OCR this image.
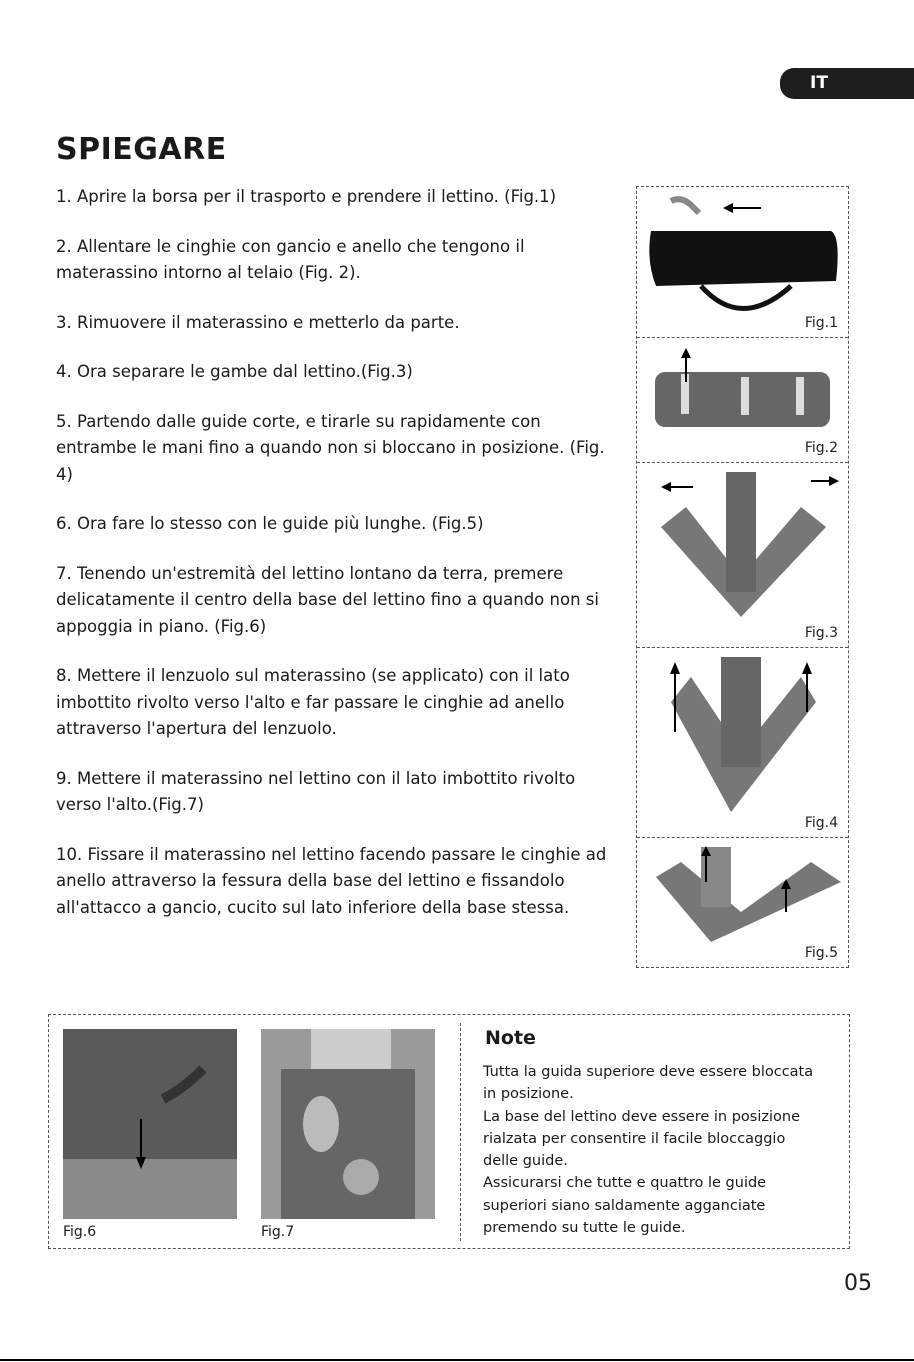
IT
SPIEGARE

1. Aprire la borsa per il trasporto e prendere il lettino. (Fig.1)

2. Allentare le cinghie con gancio e anello che tengono il materassino intorno al telaio (Fig. 2).

3. Rimuovere il materassino e metterlo da parte.

4. Ora separare le gambe dal lettino.(Fig.3)

5. Partendo dalle guide corte, e tirarle su rapidamente con entrambe le mani fino a quando non si bloccano in posizione. (Fig. 4)

6. Ora fare lo stesso con le guide più lunghe. (Fig.5)

7. Tenendo un'estremità del lettino lontano da terra, premere delicatamente il centro della base del lettino fino a quando non si appoggia in piano. (Fig.6)

8. Mettere il lenzuolo sul materassino (se applicato) con il lato imbottito rivolto verso l'alto e far passare le cinghie ad anello attraverso l'apertura del lenzuolo.

9. Mettere il materassino nel lettino con il lato imbottito rivolto verso l'alto.(Fig.7)

10. Fissare il materassino nel lettino facendo passare le cinghie ad anello attraverso la fessura della base del lettino e fissandolo all'attacco a gancio, cucito sul lato inferiore della base stessa.

Fig.1
Fig.2
Fig.3
Fig.4
Fig.5
Fig.6	Fig.7
Note

Tutta la guida superiore deve essere bloccata

in posizione.

La base del lettino deve essere in posizione

rialzata per consentire il facile bloccaggio

delle guide.

Assicurarsi che tutte e quattro le guide

superiori siano saldamente agganciate

premendo su tutte le guide.

05
